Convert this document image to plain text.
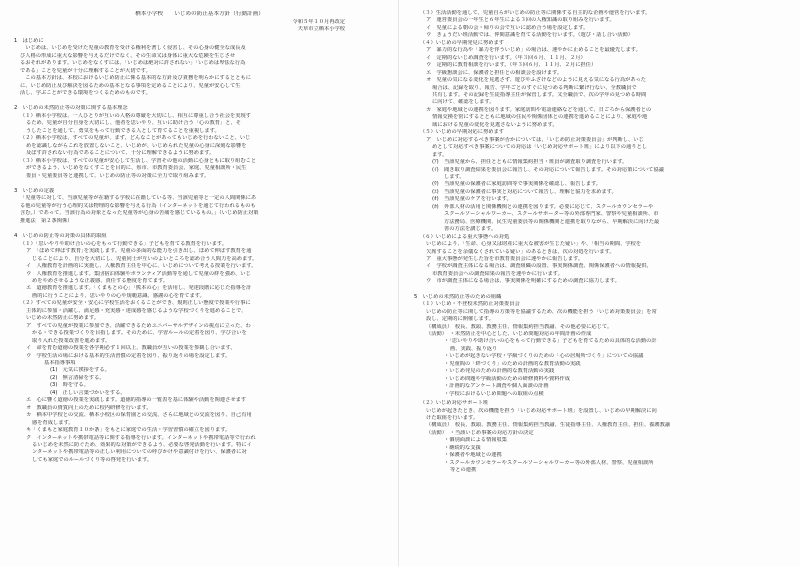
栖本小学校　　いじめの防止基本方針（行動計画）
令和５年１０月再改定
天草市立栖本小学校
1　はじめに
　いじめは、いじめを受けた児童の教育を受ける権利を著しく侵害し、その心身の健全な成長及
び人格の形成に重大な影響を与えるだけでなく、その生命又は身体に重大な危険を生じさせ
るおそれがあります。いじめをなくすには、「いじめは絶対に許されない」「いじめは卑怯な行為
である」ことを児童が十分に理解することが大切です。
　この基本方針は、本校におけるいじめ防止に係る基本的な方針及び責務を明らかにするとともに
に、いじめ防止及び解決を図るための基本となる事項を定めることにより、児童が安心して生
活し、学ぶことができる環境をつくるためのものです。
2　いじめの未然防止等の対策に関する基本理念
（１）栖本小学校は、一人ひとりが互いの人格の尊厳を大切にし、相互に尊重し合う社会を実現す
るため、児童が自分自身を大切にし、他者を思いやり、互いに助け合う「心の教育」と、そ
うしたことを通して、勇気をもって行動できる人として育てることを重視します。
（２）栖本小学校は、すべての児童が、まず、どんなことがあってもいじめを行わないこと、いじ
めを認識しながらこれを放置しないこと、いじめが、いじめられた児童の心身に深刻な影響を
及ぼす許されない行為であることについて、十分に理解できるように努めます。
（３）栖本小学校は、すべての児童が安心して生活し、学習その他の活動に心身ともに取り組むこと
ができるよう、いじめをなくすことを目的に、県市、市教育委員会、家庭、児童相談所・民生
委員・児童委員等と連携して、いじめの防止等の対策に全力で取り組みます。
3　いじめの定義
「児童等に対して、当該児童等が在籍する学校に在籍している等、当該児童等と一定の人間関係にあ
る他の児童等が行う心理的又は物理的な影響を与える行為（インターネットを通じて行われるものも
含む。）であって、当該行為の対象となった児童等が心身の苦痛を感じているもの。」（いじめ防止対策
推進法　第２条関係）
4　いじめの防止等の対策の具体的取組
（１）「思いやりや助け合いの心をもって行動できる」子どもを育てる教育を行います。
ア　｢ほめて伸ばす教育｣を実践します。児童の多面的な能力を引き出し、ほめて伸ばす教育を通
じることにより、自分を大切にし、児童同士が互いのよいところを認め合う人間力を高めます。
イ　人権教育を計画的に実施し、人権教育主任を中心に、いじめについて考える授業を行います。
ウ　人権教育を推進します。集団宿泊体験やボランティア活動等を通して児童の絆を強め、いじ
めをやめさせるような正義感、責任する態度を育てます。
エ　道徳教育を推進します。「くまもとの心」「熊本の心」を活用し、発達段階に応じた指導を計
画的に行うことにより、思いやりの心や規範意識、感謝の心を育てます。
（２）すべての児童が安全・安心に学校生活をおくることができ、規則正しい態度で授業や行事に
主体的に参加・活躍し、満足感・充実感・達成感を感じるような学校づくりを進めることで、
いじめの未然防止に努めます。
ア　すべての児童が授業に参加でき、活躍できるためユニバーサルデザインの視点に立った、わ
かる・できる授業づくりを目指します。そのために、学習ルールの定着を図り、学び合いを
取り入れた授業改善を進めます。
イ　命を育む道徳の授業を各学期必ず１回以上、教職員が互いの授業を参観し合います。
ウ　学校生活の場における基本的生活習慣の定着を図り、振り返りの場を設定します。
基本指導事項
(1)　元気に挨拶をする。
(2)　無言清掃をする。
(3)　時を守る。
(4)　正しい言葉づかいをする。
エ　心に響く道徳の授業を実践します。道徳的指導の一覧表を基に体験や活動を関連させます
オ　教職員の資質向上のために校内研修を行います。
カ　栖本中学校との交流、栖本小校区の保育園との交流、さらに地域との交流を図り、自己有用
感を育成します。
キ「くまもと家庭教育１０か条」をもとに家庭での生活・学習習慣の確立を図ります。
ク　インターネットや携帯電話等に関する指導を行います。インターネットや携帯電話等で行われ
るいじめを未然に防ぐため、効果的な対策ができるよう、必要な啓発活動を行います。特にイ
ンターネットや携帯電話等の正しい利用についての呼びかけや意識付けを行い、保護者に対
しても家庭でのルールづくり等の啓発を行います。
（３）生活活動を通して、児童自らがいじめの防止等に関係する自主的な企画や運営を行います。
ア　運営委員会の一年生と６年生による３回の人権知識の取り組みを行います。
イ　児童による朝の会・帰りの会で互いに認め合う場を設定します。
ウ　きょうだい班活動では、仲間意識を育てる活動を行います。（遊び・話し合い活動）
（４）いじめの早期発見に努めます
ア　暴力的な行為や「暴力を伴ういじめ」の場合は、速やかに止めることを最優先します。
イ　定期的ないじめ調査を行います。（年３回６月、１１月、２月）
ウ　定期的に教育相談を行います。（年３回６月、１１月、２月に担任）
エ　学級懇談会に、保護者と担任との相談会を設けます。
オ　児童の気になる変化を見逃さず、遊びやふざけなどのように見える気になる行為があった
場合は、記録を取り、報告、学年ごとのすぐに見つめる判断に繋げ行ない、全教職員で
共有します。その記録を生徒指導主任が保管します。又全職員で、次の学年の見つめる時間
に向けて、確認をします。
カ　家庭や地域との連携を図ります。家庭訪問や電話連絡などを通して、日ごろから保護者との
情報交換を密にするとともに地域の住民や関係団体との連携を進めることにより、家庭や地
域における児童の変化を見逃さないように努めます。
（５）いじめの早期対応に努めます
ア　いじめに対応するべき事案が否かについては、「いじめ防止対策委員会」が判断し、いじ
めとして対応すべき事案についての対応は「いじめ対応サポート班」により以下の通りとし
ます。
(ｱ)　当該児童から、担任とともに情報集約担当・班員が調査取り調査を行います。
(ｲ)　聞き取り調査結果を委員会に報告し、その対応について報告します。その対応策について協議
します。
(ｳ)　当該児童の保護者に家庭訪問等で事実関係を確認し、報告します。
(ｴ)　当該児童の保護者に事実と対応について報告し、理解と協力を求めます。
(ｵ)　当該児童のケアを行います。
(ｶ)　外部人材の活用と関係機関との連携を図ります。必要に応じて、スクールカウンセラーや
スクールソーシャルワーカー、スクールサポーター等の外部専門家、警察や児童相談所、市
方法務局、医療機関、民生児童委員等の関係機関と連携を取りながら、早期解決に向けた最
善の方法を講じます。
（６）いじめによる重大事態への対処
いじめにより、「生命、心身又は財産に重大な被害が生じた疑い」や、「相当の期間、学校を
欠席することを余儀なくされている疑い」のあるときは、次の対処を行います。
ア　重大事態が発生した旨を市教育委員会に速やかに報告します。
イ　学校が調査主体になる場合は、調査組織の設置、事実関係調査、関係保護者への情報提供、
市教育委員会への調査結果の報告を速やかに行います。
ウ　市が調査主体になる場合は、事実関係を明確にするための調査に協力します。
5　いじめの未然防止等のための組織
（１）いじめ・不登校未然防止対策委員会
いじめの防止等に関して指導の方策等を協議するため、次の機能を担う「いじめ対策委員会」を常
設し、定期的に開催します。
（構成員）　校長、教頭、教務主任、情報集約担当教諭、その他必要に応じて。
（活動）　・未然防止を中心とした、いじめ問題対応の年間計画の作成
・「思いやりや助け合いの心をもって行動できる」子どもを育てるための具体的な活動の計
画、実践、振り返り
・いじめが起きない学校・学級づくりのための「心の居場所づくり」についての協議
・児童間の「絆づくり」のための計画的な教育活動の実践
・いじめ発見のための計画的な教育活動の実践
・いじめ問題や学級活動のための研修資料や資料作成
・計画的なアンケート調査や個人面談の計画
・学校におけるいじめ問題への取組の点検
（２）いじめ対応サポート班
いじめが起きたとき、次の機能を担う「いじめ対応サポート班」を設置し、いじめの早期解決に向
けた取組を行います。
（構成員）　校長、教頭、教務主任、情報集約担当教諭、生徒指導主任、人権教育主任、担任、養護教諭
（活動）　・当該いじめ事案の対応方針の決定
・個別面談による情報収集
・継続的な支援
・保護者や地域との連携
・スクールカウンセラーやスクールソーシャルワーカー等の外部人材、警察、児童相談所
等との連携
